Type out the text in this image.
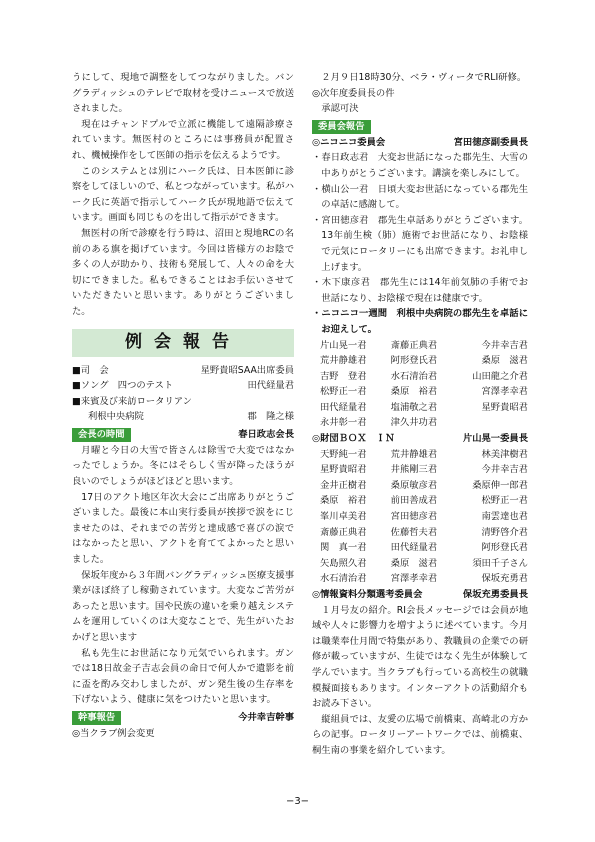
うにして、現地で調整をしてつながりました。バングラディッシュのテレビで取材を受けニュースで放送されました。

現在はチャンドプルで立派に機能して遠隔診療されています。無医村のところには事務員が配置され、機械操作をして医師の指示を伝えるようです。

このシステムとは別にハーク氏は、日本医師に診察をしてほしいので、私とつながっています。私がハーク氏に英語で指示してハーク氏が現地語で伝えています。画面も同じものを出して指示ができます。

無医村の所で診療を行う時は、沼田と現地RCの名前のある旗を掲げています。今回は皆様方のお陰で多くの人が助かり、技術も発展して、人々の命を大切にできました。私もできることはお手伝いさせていただきたいと思います。ありがとうございました。

例会報告
■司　会	星野貴昭SAA出席委員
■ソング　四つのテスト	田代経量君
■来賓及び来訪ロータリアン
利根中央病院	郡　隆之様
会長の時間	春日政志会長

月曜と今日の大雪で皆さんは除雪で大変ではなかったでしょうか。冬にはそらしく雪が降ったほうが良いのでしょうがほどほどと思います。

17日のアクト地区年次大会にご出席ありがとうございました。最後に本山実行委員が挨拶で涙をにじませたのは、それまでの苦労と達成感で喜びの涙ではなかったと思い、アクトを育ててよかったと思いました。

保坂年度から３年間バングラディッシュ医療支援事業がほぼ終了し稼動されています。大変なご苦労があったと思います。国や民族の違いを乗り越えシステムを運用していくのは大変なことで、先生がいたおかげと思います

私も先生にお世話になり元気でいられます。ガンでは18日故金子吉志会員の命日で何人かで遺影を前に盃を酌み交わしましたが、ガン発生後の生存率を下げないよう、健康に気をつけたいと思います。

幹事報告	今井幸吉幹事

◎当クラブ例会変更

２月９日18時30分、ベラ・ヴィータでRLI研修。

◎次年度委員長の件

承認可決

委員会報告
◎ニコニコ委員会	宮田徳彦副委員長

・春日政志君　大変お世話になった郡先生、大雪の中ありがとうございます。講演を楽しみにして。

・横山公一君　日頃大変お世話になっている郡先生の卓話に感謝して。

・宮田徳彦君　郡先生卓話ありがとうございます。13年前生検（肺）施術でお世話になり、お陰様で元気にロータリーにも出席できます。お礼申し上げます。

・木下康彦君　郡先生には14年前気肺の手術でお世話になり、お陰様で現在は健康です。

・ニコニコ一週間　利根中央病院の郡先生を卓話にお迎えして。

片山晃一君	斎藤正典君	今井幸吉君
荒井静雄君	阿形登氏君	桑原　滋君
吉野　登君	水石清治君	山田龍之介君
松野正一君	桑原　裕君	宮澤孝幸君
田代経量君	塩浦敬之君	星野貴昭君
永井彰一君	津久井功君
◎財団ＢＯＸ　ＩＮ	片山晃一委員長
天野純一君	荒井静雄君	林美津樹君
星野貴昭君	井熊剛三君	今井幸吉君
金井正樹君	桑原敏彦君	桑原伸一郎君
桑原　裕君	前田善成君	松野正一君
峯川卓美君	宮田徳彦君	南雲達也君
斎藤正典君	佐藤哲夫君	清野啓介君
関　真一君	田代経量君	阿形登氏君
矢島照久君	桑原　滋君	須田千子さん
水石清治君	宮澤孝幸君	保坂充勇君
◎情報資料分類選考委員会	保坂充勇委員長

１月号友の紹介。RI会長メッセージでは会員が地域や人々に影響力を増すように述べています。今月は職業奉仕月間で特集があり、教職員の企業での研修が載っていますが、生徒ではなく先生が体験して学んでいます。当クラブも行っている高校生の就職模擬面接もあります。インターアクトの活動紹介もお読み下さい。

縦組員では、友愛の広場で前橋東、高崎北の方からの記事。ロータリーアートワークでは、前橋東、桐生南の事業を紹介しています。

−3−
